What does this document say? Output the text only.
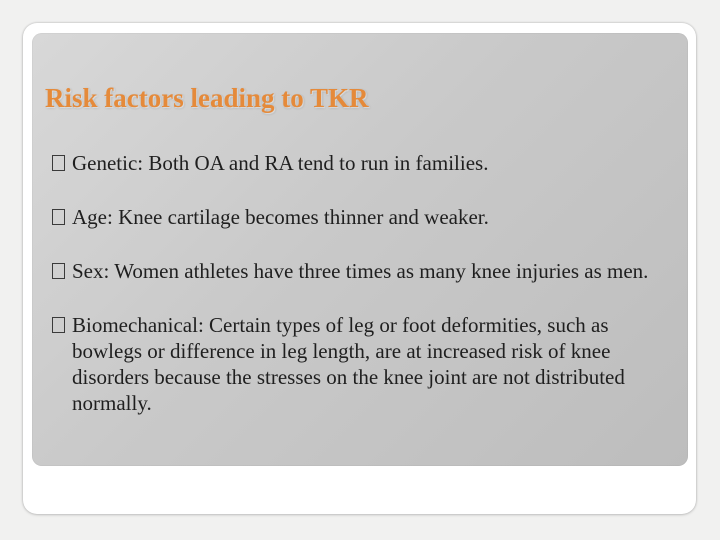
Risk factors leading to TKR
Genetic: Both OA and RA tend to run in families.
Age: Knee cartilage becomes thinner and weaker.
Sex: Women athletes have three times as many knee injuries as men.
Biomechanical: Certain types of leg or foot deformities, such as bowlegs or difference in leg length, are at increased risk of knee disorders because the stresses on the knee joint are not distributed normally.
